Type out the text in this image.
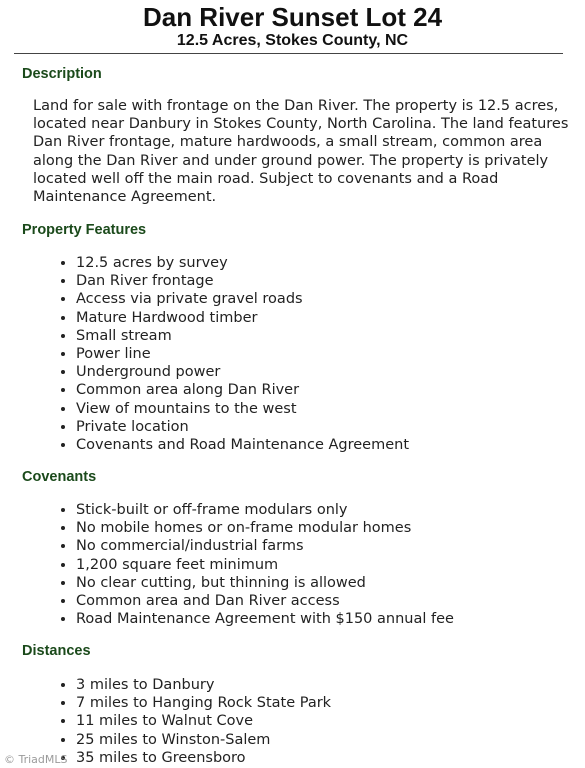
Dan River Sunset Lot 24
12.5 Acres, Stokes County, NC
Description

Land for sale with frontage on the Dan River. The property is 12.5 acres, located near Danbury in Stokes County, North Carolina. The land features Dan River frontage, mature hardwoods, a small stream, common area along the Dan River and under ground power. The property is privately located well off the main road. Subject to covenants and a Road Maintenance Agreement.

Property Features
• 12.5 acres by survey
• Dan River frontage
• Access via private gravel roads
• Mature Hardwood timber
• Small stream
• Power line
• Underground power
• Common area along Dan River
• View of mountains to the west
• Private location
• Covenants and Road Maintenance Agreement
Covenants
• Stick-built or off-frame modulars only
• No mobile homes or on-frame modular homes
• No commercial/industrial farms
• 1,200 square feet minimum
• No clear cutting, but thinning is allowed
• Common area and Dan River access
• Road Maintenance Agreement with $150 annual fee
Distances
• 3 miles to Danbury
• 7 miles to Hanging Rock State Park
• 11 miles to Walnut Cove
• 25 miles to Winston-Salem
• 35 miles to Greensboro
© TriadMLS
